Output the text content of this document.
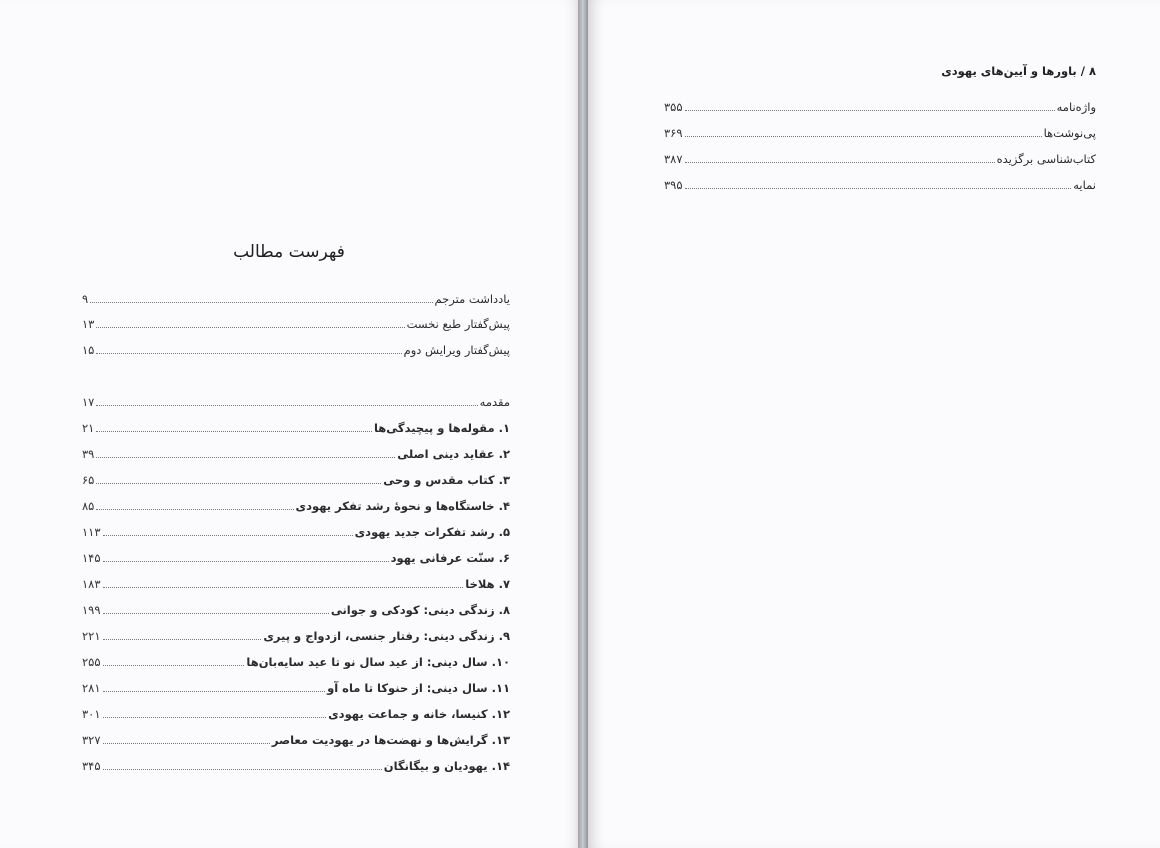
فهرست مطالب
یادداشت مترجم
۹
پیش‌گفتار طبع نخست
۱۳
پیش‌گفتار ویرایش دوم
۱۵
مقدمه
۱۷
۱. مقوله‌ها و پیچیدگی‌ها
۲۱
۲. عقاید دینی اصلی
۳۹
۳. کتاب مقدس و وحی
۶۵
۴. خاستگاه‌ها و نحوهٔ رشد تفکر یهودی
۸۵
۵. رشد تفکرات جدید یهودی
۱۱۳
۶. سنّت عرفانی یهود
۱۴۵
۷. هلاخا
۱۸۳
۸. زندگی دینی: کودکی و جوانی
۱۹۹
۹. زندگی دینی: رفتار جنسی، ازدواج و پیری
۲۲۱
۱۰. سال دینی: از عید سال نو تا عید سایه‌بان‌ها
۲۵۵
۱۱. سال دینی: از حنوکا تا ماه آو
۲۸۱
۱۲. کنیسا، خانه و جماعت یهودی
۳۰۱
۱۳. گرایش‌ها و نهضت‌ها در یهودیت معاصر
۳۲۷
۱۴. یهودیان و بیگانگان
۳۴۵
۸ / باورها و آیین‌های یهودی
واژه‌نامه
۳۵۵
پی‌نوشت‌ها
۳۶۹
کتاب‌شناسی برگزیده
۳۸۷
نمایه
۳۹۵
